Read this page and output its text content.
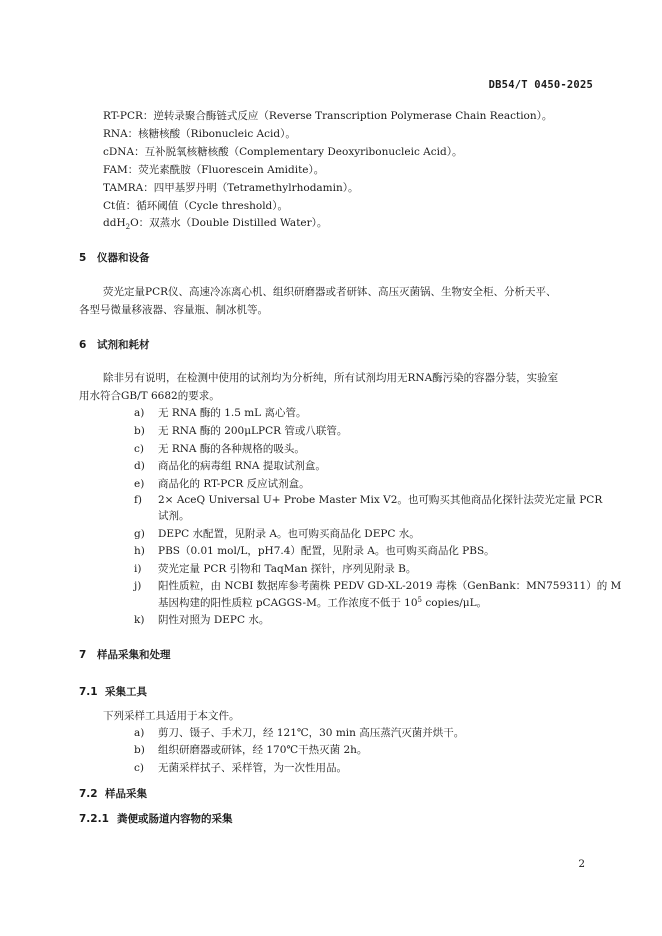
DB54/T 0450-2025
RT-PCR：逆转录聚合酶链式反应（Reverse Transcription Polymerase Chain Reaction）。
RNA：核糖核酸（Ribonucleic Acid）。
cDNA：互补脱氧核糖核酸（Complementary Deoxyribonucleic Acid）。
FAM：荧光素酰胺（Fluorescein Amidite）。
TAMRA：四甲基罗丹明（Tetramethylrhodamin）。
Ct值：循环阈值（Cycle threshold）。
ddH$_2$O：双蒸水（Double Distilled Water）。
5 仪器和设备
荧光定量PCR仪、高速冷冻离心机、组织研磨器或者研钵、高压灭菌锅、生物安全柜、分析天平、
各型号微量移液器、容量瓶、制冰机等。
6 试剂和耗材
除非另有说明，在检测中使用的试剂均为分析纯，所有试剂均用无RNA酶污染的容器分装，实验室
用水符合GB/T 6682的要求。
a) 无 RNA 酶的 1.5 mL 离心管。
b) 无 RNA 酶的 200μLPCR 管或八联管。
c) 无 RNA 酶的各种规格的吸头。
d) 商品化的病毒组 RNA 提取试剂盒。
e) 商品化的 RT-PCR 反应试剂盒。
f) 2× AceQ Universal U+ Probe Master Mix V2。也可购买其他商品化探针法荧光定量 PCR
试剂。
g) DEPC 水配置，见附录 A。也可购买商品化 DEPC 水。
h) PBS（0.01 mol/L，pH7.4）配置，见附录 A。也可购买商品化 PBS。
i) 荧光定量 PCR 引物和 TaqMan 探针，序列见附录 B。
j) 阳性质粒，由 NCBI 数据库参考菌株 PEDV GD-XL-2019 毒株（GenBank：MN759311）的 M
基因构建的阳性质粒 pCAGGS-M。工作浓度不低于 $10^5$ copies/μL。
k) 阴性对照为 DEPC 水。
7 样品采集和处理
7.1 采集工具
下列采样工具适用于本文件。
a) 剪刀、镊子、手术刀，经 121℃，30 min 高压蒸汽灭菌并烘干。
b) 组织研磨器或研钵，经 170℃干热灭菌 2h。
c) 无菌采样拭子、采样管，为一次性用品。
7.2 样品采集
7.2.1 粪便或肠道内容物的采集
2
